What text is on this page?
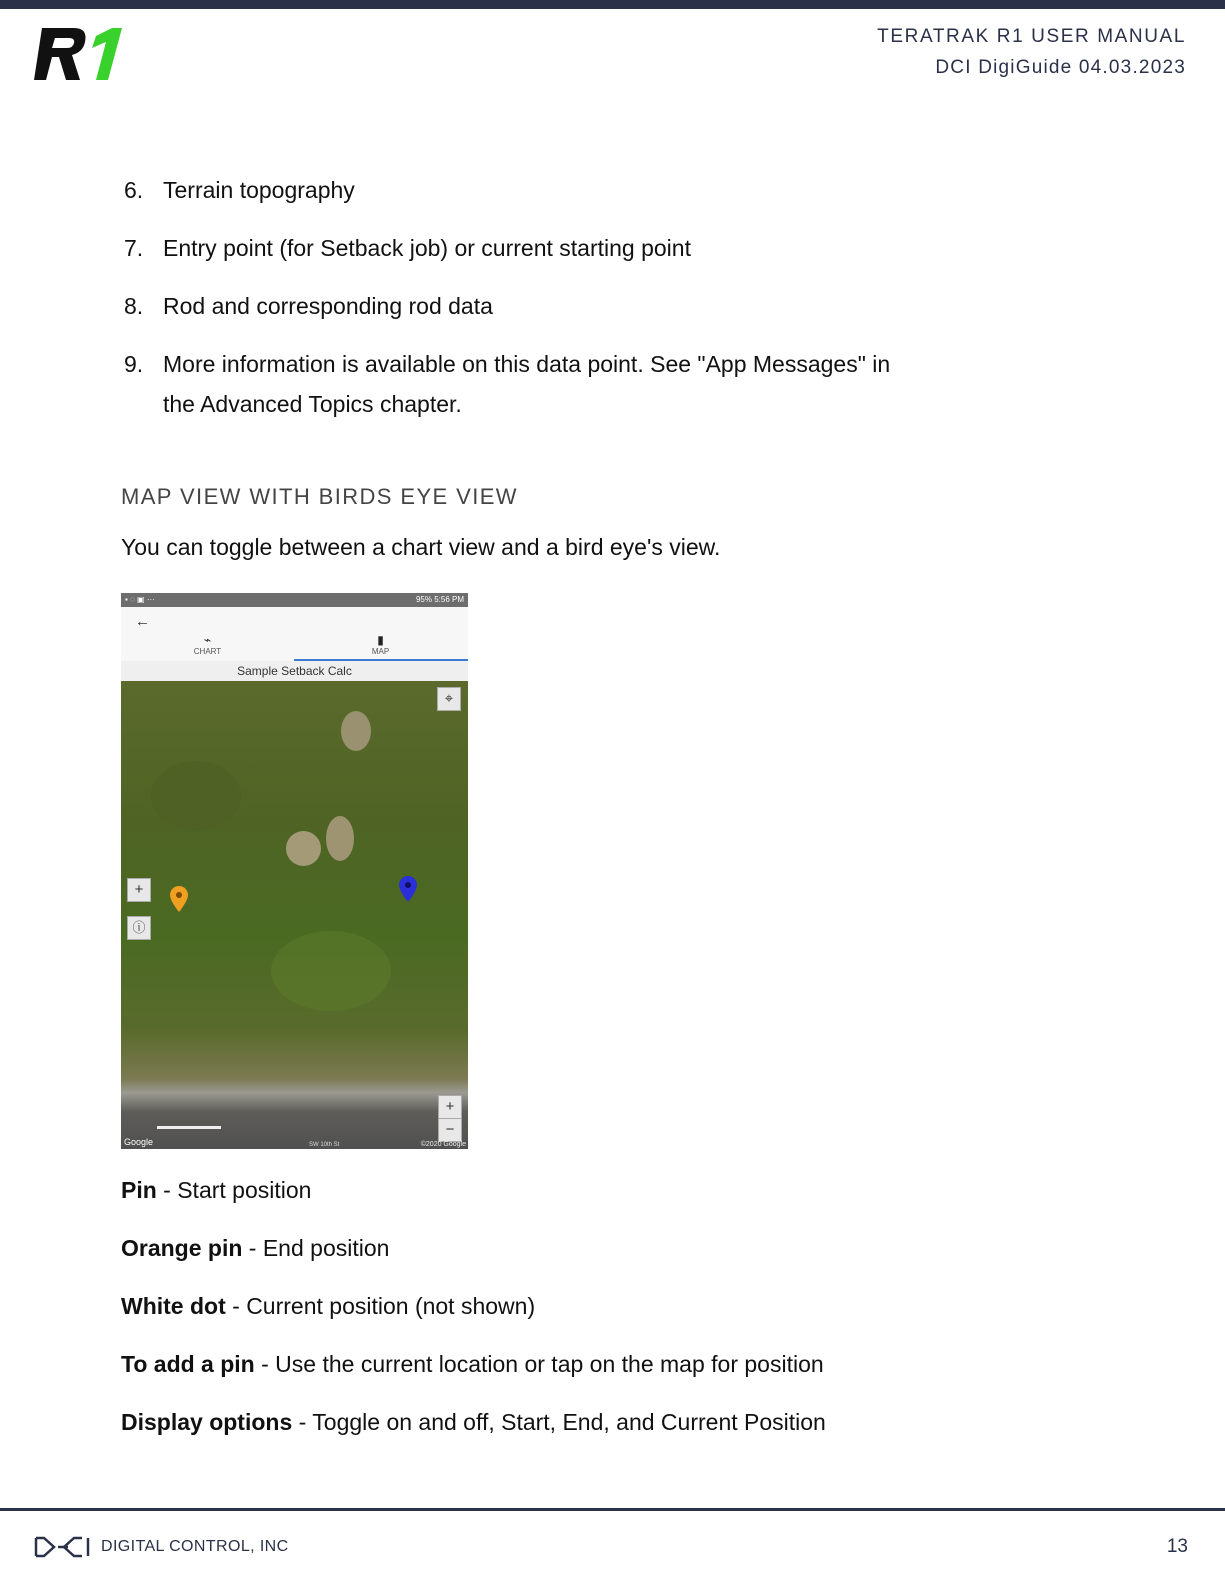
TERATRAK R1 USER MANUAL
DCI DigiGuide 04.03.2023
6. Terrain topography
7. Entry point (for Setback job) or current starting point
8. Rod and corresponding rod data
9. More information is available on this data point. See "App Messages" in the Advanced Topics chapter.
MAP VIEW WITH BIRDS EYE VIEW
You can toggle between a chart view and a bird eye's view.
▪ ◌ ▣ ···	95% 5:56 PM
←
⌁
CHART
▮
MAP
Sample Setback Calc
⌖
+
ⓘ
+
−
Google	SW 10th St	©2020 Google
Pin - Start position
Orange pin - End position
White dot - Current position (not shown)
To add a pin - Use the current location or tap on the map for position
Display options - Toggle on and off, Start, End, and Current Position
DIGITAL CONTROL, INC	13
